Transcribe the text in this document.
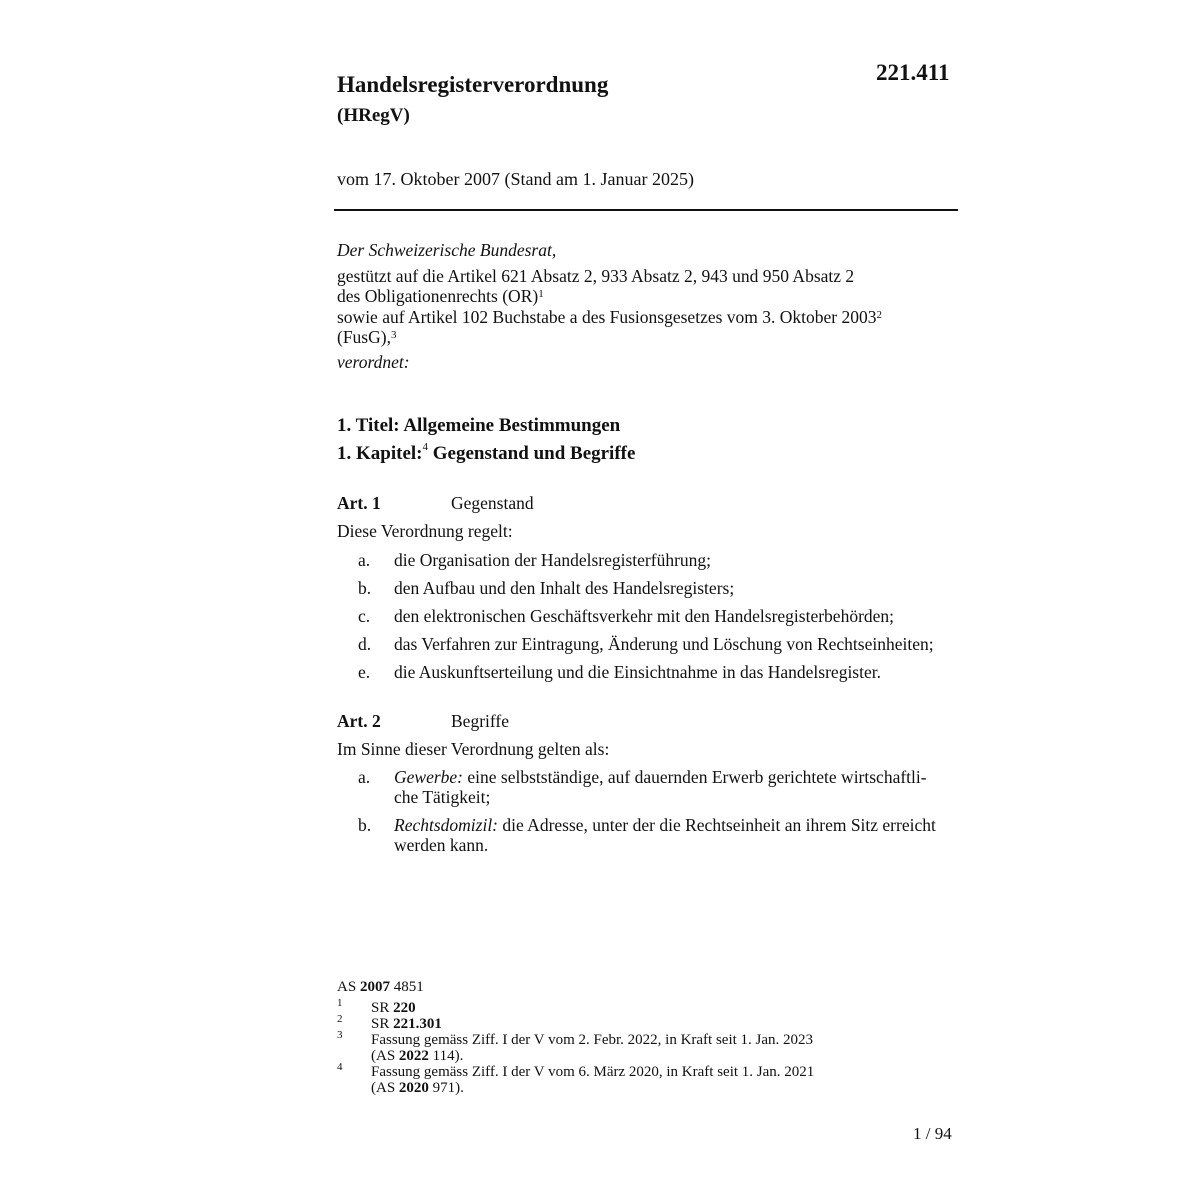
221.411
Handelsregisterverordnung
(HRegV)
vom 17. Oktober 2007 (Stand am 1. Januar 2025)
Der Schweizerische Bundesrat,
gestützt auf die Artikel 621 Absatz 2, 933 Absatz 2, 943 und 950 Absatz 2
des Obligationenrechts (OR)$^1$
sowie auf Artikel 102 Buchstabe a des Fusionsgesetzes vom 3. Oktober 2003$^2$
(FusG),$^3$
verordnet:
1. Titel: Allgemeine Bestimmungen
1. Kapitel:$^4$ Gegenstand und Begriffe
Art. 1	Gegenstand
Diese Verordnung regelt:
a. die Organisation der Handelsregisterführung;
b. den Aufbau und den Inhalt des Handelsregisters;
c. den elektronischen Geschäftsverkehr mit den Handelsregisterbehörden;
d. das Verfahren zur Eintragung, Änderung und Löschung von Rechtseinheiten;
e. die Auskunftserteilung und die Einsichtnahme in das Handelsregister.
Art. 2	Begriffe
Im Sinne dieser Verordnung gelten als:
a. Gewerbe: eine selbstständige, auf dauernden Erwerb gerichtete wirtschaftli-
che Tätigkeit;
b. Rechtsdomizil: die Adresse, unter der die Rechtseinheit an ihrem Sitz erreicht
werden kann.
AS 2007 4851
1 SR 220
2 SR 221.301
3 Fassung gemäss Ziff. I der V vom 2. Febr. 2022, in Kraft seit 1. Jan. 2023
(AS 2022 114).
4 Fassung gemäss Ziff. I der V vom 6. März 2020, in Kraft seit 1. Jan. 2021
(AS 2020 971).
1 / 94
